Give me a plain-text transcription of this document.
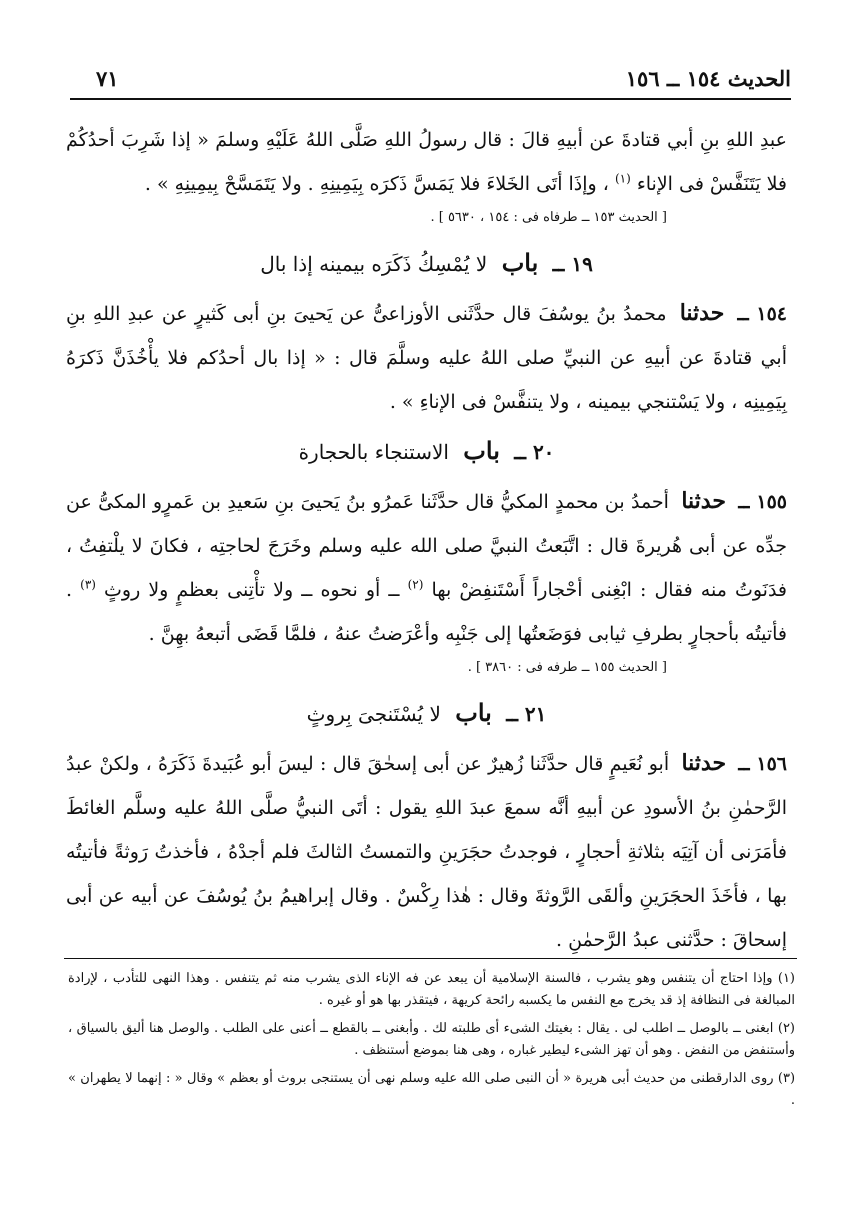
الحديث ١٥٤ ــ ١٥٦
٧١

عبدِ اللهِ بنِ أبي قتادةَ عن أبيهِ قالَ : قال رسولُ اللهِ صَلَّى اللهُ عَلَيْهِ وسلمَ « إذا شَرِبَ أحدُكُمْ فلا يَتَنَفَّسْ فى الإناء $^{(١)}$ ، وإذَا أتَى الخَلاءَ فلا يَمَسَّ ذَكرَه بِيَمِينِهِ . ولا يَتَمَسَّحْ بِيمِينِهِ » .

[ الحديث ١٥٣ ــ طرفاه فى : ١٥٤ ، ٥٦٣٠ ] .

١٩ ــ باب لا يُمْسِكُ ذَكَرَه بيمينه إذا بال

١٥٤ ــ حدثنا محمدُ بنُ يوسُفَ قال حدَّثَنى الأوزاعىُّ عن يَحيىَ بنِ أبى كَثيرٍ عن عبدِ اللهِ بنِ أبي قتادةَ عن أبيهِ عن النبيِّ صلى اللهُ عليه وسلَّمَ قال : « إذا بال أحدُكم فلا يأْخُذَنَّ ذَكرَهُ بِيَمِينِه ، ولا يَسْتنجي بيمينه ، ولا يتنفَّسْ فى الإناءِ » .

٢٠ ــ باب الاستنجاء بالحجارة

١٥٥ ــ حدثنا أحمدُ بن محمدٍ المكيُّ قال حدَّثَنا عَمرُو بنُ يَحيىَ بنِ سَعيدِ بن عَمرٍو المكىُّ عن جدِّه عن أبى هُريرةَ قال : اتَّبَعتُ النبيَّ صلى الله عليه وسلم وخَرَجَ لحاجتِه ، فكانَ لا يلْتفِتُ ، فدَنَوتُ منه فقال : ابْغِنى أحْجاراً أَسْتَنفِضْ بها $^{(٢)}$ ــ أو نحوه ــ ولا تأْتِنى بعظمٍ ولا روثٍ $^{(٣)}$ . فأتيتُه بأحجارٍ بطرفِ ثيابى فوَضَعتُها إلى جَنْبِه وأعْرَضتُ عنهُ ، فلمَّا قَضَى أتبعهُ بهِنَّ .

[ الحديث ١٥٥ ــ طرفه فى : ٣٨٦٠ ] .

٢١ ــ باب لا يُسْتَنجىَ بِروثٍ

١٥٦ ــ حدثنا أبو نُعَيمٍ قال حدَّثَنا زُهيرٌ عن أبى إسحٰقَ قال : ليسَ أبو عُبَيدةَ ذَكَرَهُ ، ولكنْ عبدُ الرَّحمٰنِ بنُ الأسودِ عن أبيهِ أنَّه سمعَ عبدَ اللهِ يقول : أتَى النبيُّ صلَّى اللهُ عليه وسلَّم الغائطَ فأمَرَنى أن آتِيَه بثلاثةِ أحجارٍ ، فوجدتُ حجَرَينِ والتمستُ الثالثَ فلم أجدْهُ ، فأخذتُ رَوثةً فأتيتُه بها ، فأخَذَ الحجَرَينِ وألقَى الرَّوثةَ وقال : هٰذا رِكْسٌ . وقال إبراهيمُ بنُ يُوسُفَ عن أبيه عن أبى إسحاقَ : حدَّثنى عبدُ الرَّحمٰنِ .

(١) وإذا احتاج أن يتنفس وهو يشرب ، فالسنة الإسلامية أن يبعد عن فه الإناء الذى يشرب منه ثم يتنفس . وهذا النهى للتأدب ، لإرادة المبالغة فى النظافة إذ قد يخرج مع النفس ما يكسبه رائحة كريهة ، فيتقذر بها هو أو غيره .

(٢) ابغنى ــ بالوصل ــ اطلب لى . يقال : بغيتك الشىء أى طلبته لك . وأبغنى ــ بالقطع ــ أعنى على الطلب . والوصل هنا أليق بالسياق ، وأستنفض من النفض . وهو أن تهز الشىء ليطير غباره ، وهى هنا بموضع أستنظف .

(٣) روى الدارقطنى من حديث أبى هريرة « أن النبى صلى الله عليه وسلم نهى أن يستنجى بروث أو بعظم » وقال « : إنهما لا يطهران » .
